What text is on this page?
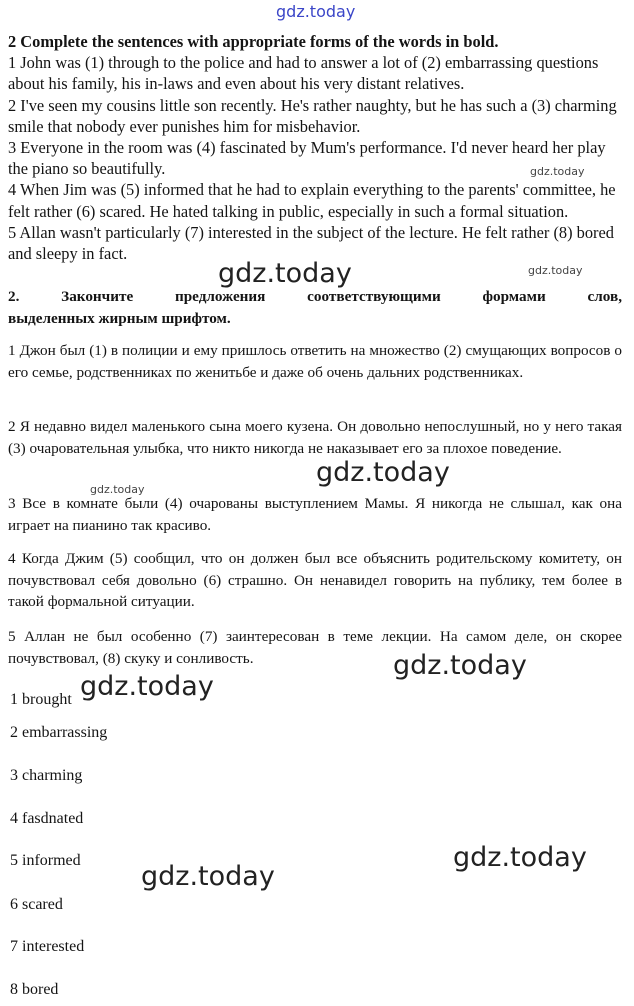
2 Complete the sentences with appropriate forms of the words in bold.

1 John was (1) through to the police and had to answer a lot of (2) embarrassing questions about his family, his in-laws and even about his very distant relatives.

2 I've seen my cousins little son recently. He's rather naughty, but he has such a (3) charming smile that nobody ever punishes him for misbehavior.

3 Everyone in the room was (4) fascinated by Mum's performance. I'd never heard her play the piano so beautifully.

4 When Jim was (5) informed that he had to explain everything to the parents' committee, he felt rather (6) scared. He hated talking in public, especially in such a formal situation.

5 Allan wasn't particularly (7) interested in the subject of the lecture. He felt rather (8) bored and sleepy in fact.

2. Закончите предложения соответствующими формами слов,

выделенных жирным шрифтом.

1 Джон был (1) в полиции и ему пришлось ответить на множество (2) смущающих вопросов о его семье, родственниках по женитьбе и даже об очень дальних родственниках.

2 Я недавно видел маленького сына моего кузена. Он довольно непослушный, но у него такая (3) очаровательная улыбка, что никто никогда не наказывает его за плохое поведение.

3 Все в комнате были (4) очарованы выступлением Мамы. Я никогда не слышал, как она играет на пианино так красиво.

4 Когда Джим (5) сообщил, что он должен был все объяснить родительскому комитету, он почувствовал себя довольно (6) страшно. Он ненавидел говорить на публику, тем более в такой формальной ситуации.

5 Аллан не был особенно (7) заинтересован в теме лекции. На самом деле, он скорее почувствовал, (8) скуку и сонливость.

1 brought
2 embarrassing
3 charming
4 fasdnated
5 informed
6 scared
7 interested
8 bored
gdz.today
gdz.today
gdz.today
gdz.today
gdz.today
gdz.today
gdz.today
gdz.today
gdz.today
gdz.today
